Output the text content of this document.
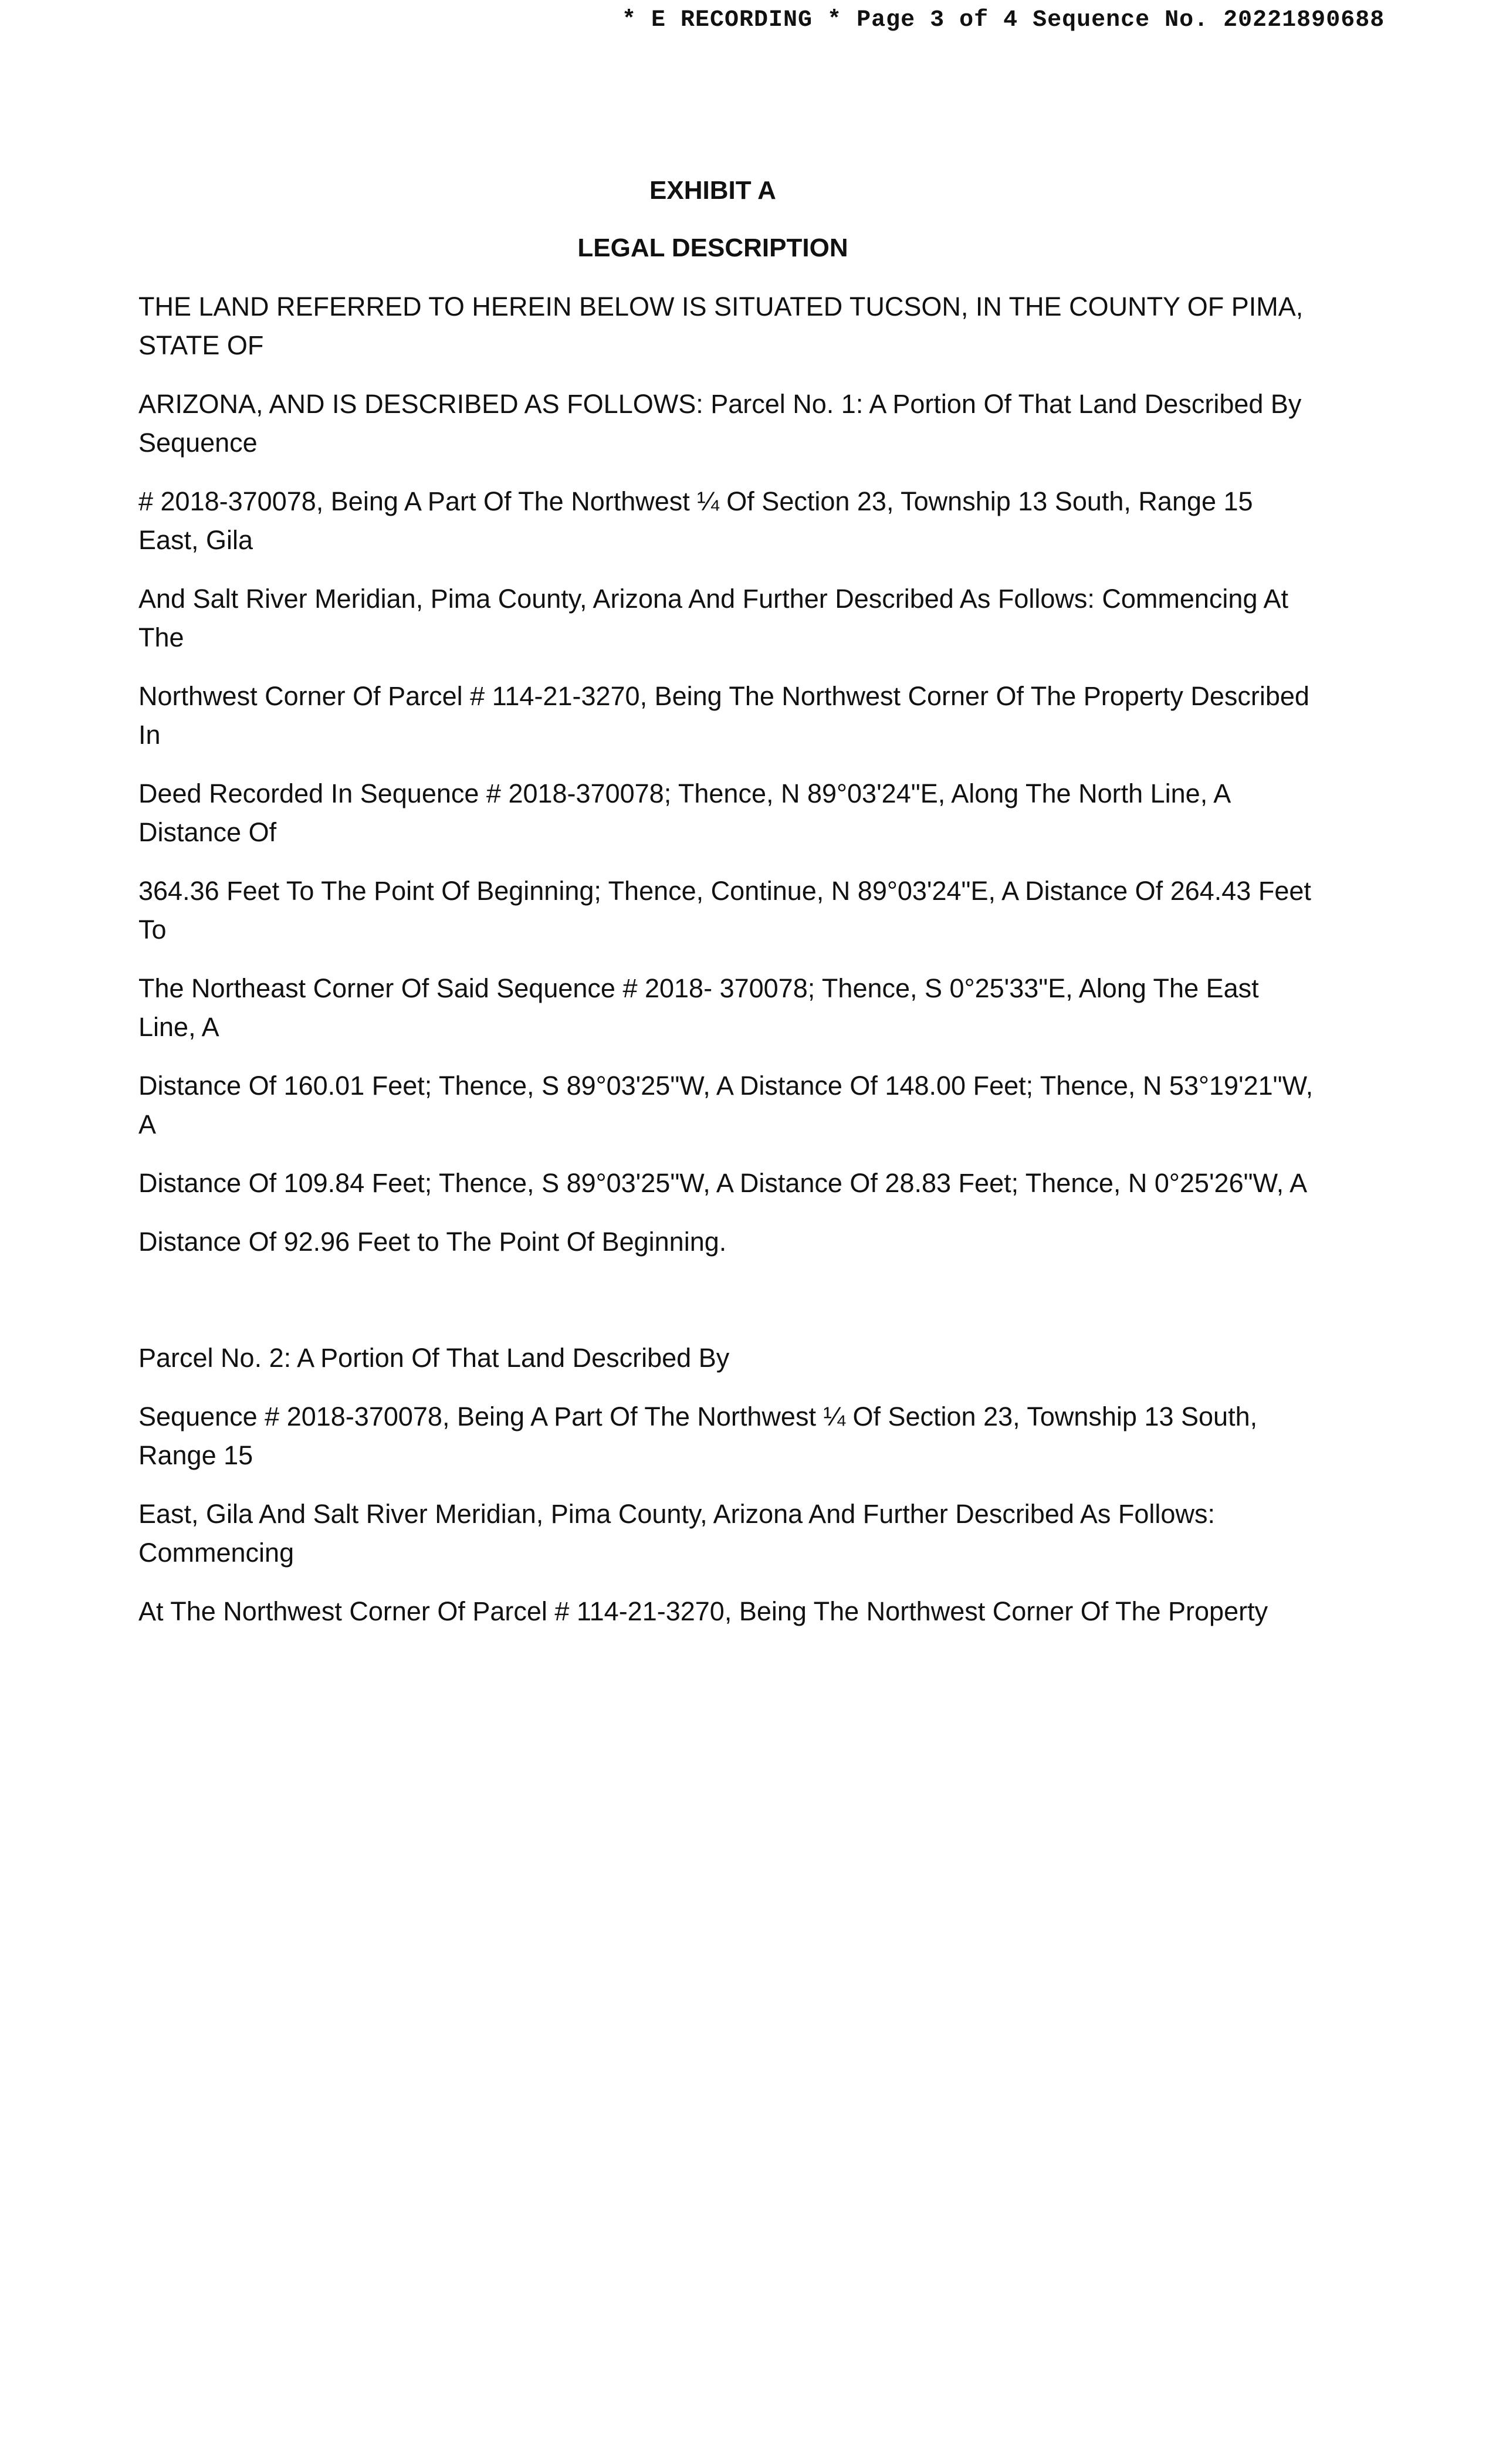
* E RECORDING * Page 3 of 4 Sequence No. 20221890688
EXHIBIT A
LEGAL DESCRIPTION

THE LAND REFERRED TO HEREIN BELOW IS SITUATED TUCSON, IN THE COUNTY OF PIMA, STATE OF

ARIZONA, AND IS DESCRIBED AS FOLLOWS: Parcel No. 1: A Portion Of That Land Described By Sequence

# 2018-370078, Being A Part Of The Northwest ¼ Of Section 23, Township 13 South, Range 15 East, Gila

And Salt River Meridian, Pima County, Arizona And Further Described As Follows: Commencing At The

Northwest Corner Of Parcel # 114-21-3270, Being The Northwest Corner Of The Property Described In

Deed Recorded In Sequence # 2018-370078; Thence, N 89°03'24"E, Along The North Line, A Distance Of

364.36 Feet To The Point Of Beginning; Thence, Continue, N 89°03'24"E, A Distance Of 264.43 Feet To

The Northeast Corner Of Said Sequence # 2018- 370078; Thence, S 0°25'33"E, Along The East Line, A

Distance Of 160.01 Feet; Thence, S 89°03'25"W, A Distance Of 148.00 Feet; Thence, N 53°19'21"W, A

Distance Of 109.84 Feet; Thence, S 89°03'25"W, A Distance Of 28.83 Feet; Thence, N 0°25'26"W, A

Distance Of 92.96 Feet to The Point Of Beginning.

Parcel No. 2: A Portion Of That Land Described By

Sequence # 2018-370078, Being A Part Of The Northwest ¼ Of Section 23, Township 13 South, Range 15

East, Gila And Salt River Meridian, Pima County, Arizona And Further Described As Follows: Commencing

At The Northwest Corner Of Parcel # 114-21-3270, Being The Northwest Corner Of The Property
